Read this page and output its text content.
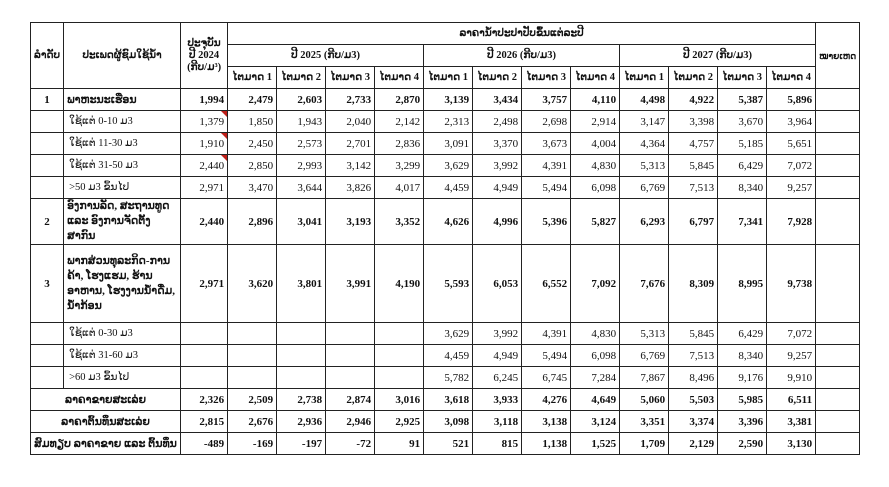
ລຳດັບ	ປະເພດຜູ້ຊົມໃຊ້ນ້ຳ	ປະຈຸບັນ
ປີ 2024
(ກີບ/ມ³)	ລາຄານ້ຳປະປາປັບຂຶ້ນແຕ່ລະປີ												ໝາຍເຫດ
			ປີ 2025 (ກີບ/ມ3)				ປີ 2026 (ກີບ/ມ3)				ປີ 2027 (ກີບ/ມ3)				
			ໄຕມາດ 1	ໄຕມາດ 2	ໄຕມາດ 3	ໄຕມາດ 4	ໄຕມາດ 1	ໄຕມາດ 2	ໄຕມາດ 3	ໄຕມາດ 4	ໄຕມາດ 1	ໄຕມາດ 2	ໄຕມາດ 3	ໄຕມາດ 4	
1	ພາຫະນະເຮືອນ	1,994	2,479	2,603	2,733	2,870	3,139	3,434	3,757	4,110	4,498	4,922	5,387	5,896	
	ໃຊ້ແຕ່ 0-10 ມ3	1,379	1,850	1,943	2,040	2,142	2,313	2,498	2,698	2,914	3,147	3,398	3,670	3,964	
	ໃຊ້ແຕ່ 11-30 ມ3	1,910	2,450	2,573	2,701	2,836	3,091	3,370	3,673	4,004	4,364	4,757	5,185	5,651	
	ໃຊ້ແຕ່ 31-50 ມ3	2,440	2,850	2,993	3,142	3,299	3,629	3,992	4,391	4,830	5,313	5,845	6,429	7,072	
	>50 ມ3 ຂຶ້ນໄປ	2,971	3,470	3,644	3,826	4,017	4,459	4,949	5,494	6,098	6,769	7,513	8,340	9,257	
2	ອົງການລັດ, ສະຖານທູດ ແລະ ອົງການຈັດຕັ້ງສາກົນ	2,440	2,896	3,041	3,193	3,352	4,626	4,996	5,396	5,827	6,293	6,797	7,341	7,928	
3	ພາກສ່ວນທຸລະກິດ-ການຄ້າ, ໂຮງແຮມ, ຮ້ານອາຫານ, ໂຮງງານນ້ຳດື່ມ, ນ້ຳກ້ອນ	2,971	3,620	3,801	3,991	4,190	5,593	6,053	6,552	7,092	7,676	8,309	8,995	9,738	
	ໃຊ້ແຕ່ 0-30 ມ3						3,629	3,992	4,391	4,830	5,313	5,845	6,429	7,072	
	ໃຊ້ແຕ່ 31-60 ມ3						4,459	4,949	5,494	6,098	6,769	7,513	8,340	9,257	
	>60 ມ3 ຂຶ້ນໄປ						5,782	6,245	6,745	7,284	7,867	8,496	9,176	9,910	
ລາຄາຂາຍສະເລ່ຍ		2,326	2,509	2,738	2,874	3,016	3,618	3,933	4,276	4,649	5,060	5,503	5,985	6,511	
ລາຄາຕົ້ນທຶນສະເລ່ຍ		2,815	2,676	2,936	2,946	2,925	3,098	3,118	3,138	3,124	3,351	3,374	3,396	3,381	
ສົມທຽບ ລາຄາຂາຍ ແລະ ຕົ້ນທຶນ		-489	-169	-197	-72	91	521	815	1,138	1,525	1,709	2,129	2,590	3,130	
